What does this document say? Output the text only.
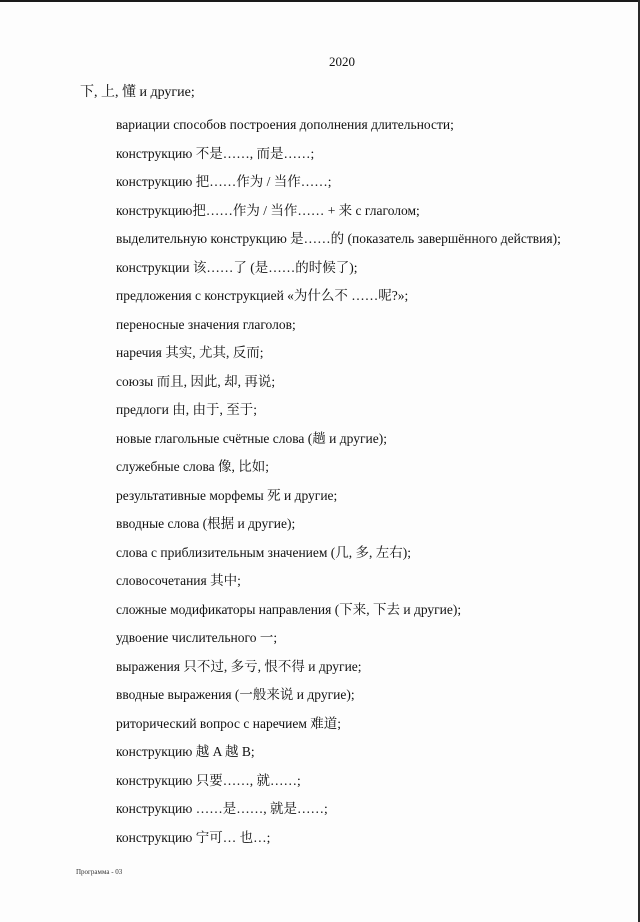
2020
下, 上, 懂 и другие;
вариации способов построения дополнения длительности;
конструкцию 不是……, 而是……;
конструкцию 把……作为 / 当作……;
конструкцию把……作为 / 当作…… + 来 с глаголом;
выделительную конструкцию 是……的 (показатель завершённого действия);
конструкции 该……了 (是……的时候了);
предложения с конструкцией «为什么不 ……呢?»;
переносные значения глаголов;
наречия 其实, 尤其, 反而;
союзы 而且, 因此, 却, 再说;
предлоги 由, 由于, 至于;
новые глагольные счётные слова (趟 и другие);
служебные слова 像, 比如;
результативные морфемы 死 и другие;
вводные слова (根据 и другие);
слова с приблизительным значением (几, 多, 左右);
словосочетания 其中;
сложные модификаторы направления (下来, 下去 и другие);
удвоение числительного 一;
выражения 只不过, 多亏, 恨不得 и другие;
вводные выражения (一般来说 и другие);
риторический вопрос с наречием 难道;
конструкцию 越 A 越 B;
конструкцию 只要……, 就……;
конструкцию ……是……, 就是……;
конструкцию 宁可… 也…;
Программа - 03
